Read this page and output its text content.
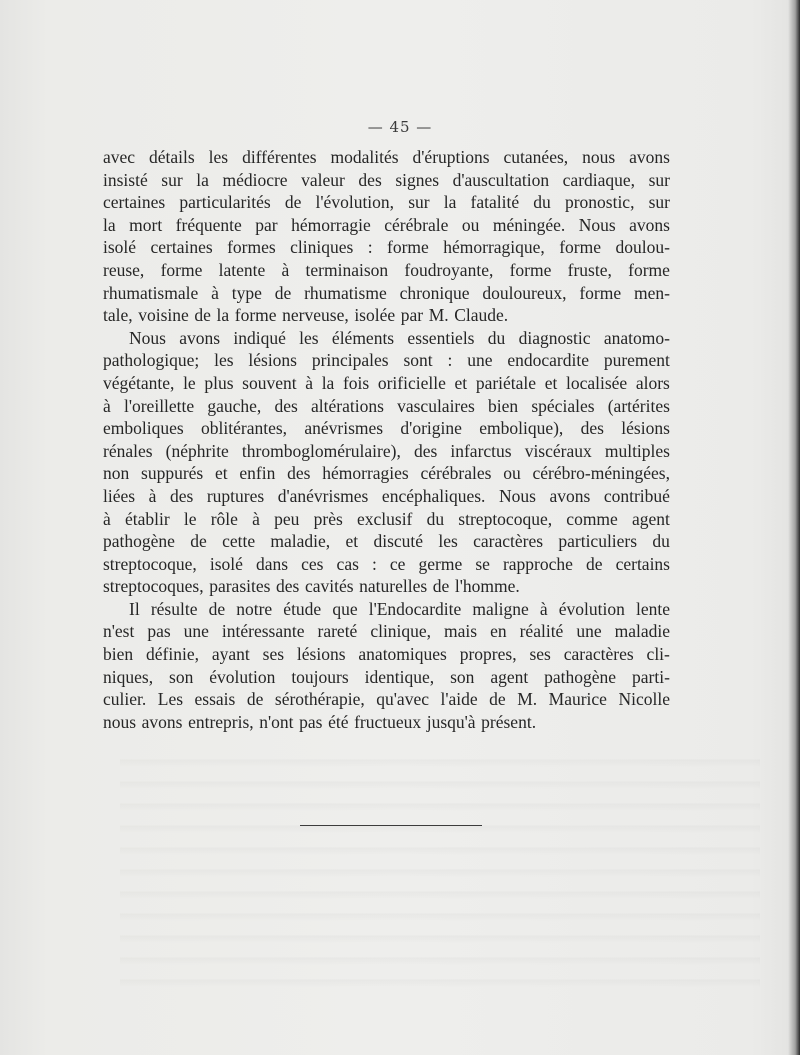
— 45 —
avec détails les différentes modalités d'éruptions cutanées, nous avons
insisté sur la médiocre valeur des signes d'auscultation cardiaque, sur
certaines particularités de l'évolution, sur la fatalité du pronostic, sur
la mort fréquente par hémorragie cérébrale ou méningée. Nous avons
isolé certaines formes cliniques : forme hémorragique, forme doulou-
reuse, forme latente à terminaison foudroyante, forme fruste, forme
rhumatismale à type de rhumatisme chronique douloureux, forme men-
tale, voisine de la forme nerveuse, isolée par M. Claude.
Nous avons indiqué les éléments essentiels du diagnostic anatomo-
pathologique; les lésions principales sont : une endocardite purement
végétante, le plus souvent à la fois orificielle et pariétale et localisée alors
à l'oreillette gauche, des altérations vasculaires bien spéciales (artérites
emboliques oblitérantes, anévrismes d'origine embolique), des lésions
rénales (néphrite thromboglomérulaire), des infarctus viscéraux multiples
non suppurés et enfin des hémorragies cérébrales ou cérébro-méningées,
liées à des ruptures d'anévrismes encéphaliques. Nous avons contribué
à établir le rôle à peu près exclusif du streptocoque, comme agent
pathogène de cette maladie, et discuté les caractères particuliers du
streptocoque, isolé dans ces cas : ce germe se rapproche de certains
streptocoques, parasites des cavités naturelles de l'homme.
Il résulte de notre étude que l'Endocardite maligne à évolution lente
n'est pas une intéressante rareté clinique, mais en réalité une maladie
bien définie, ayant ses lésions anatomiques propres, ses caractères cli-
niques, son évolution toujours identique, son agent pathogène parti-
culier. Les essais de sérothérapie, qu'avec l'aide de M. Maurice Nicolle
nous avons entrepris, n'ont pas été fructueux jusqu'à présent.
